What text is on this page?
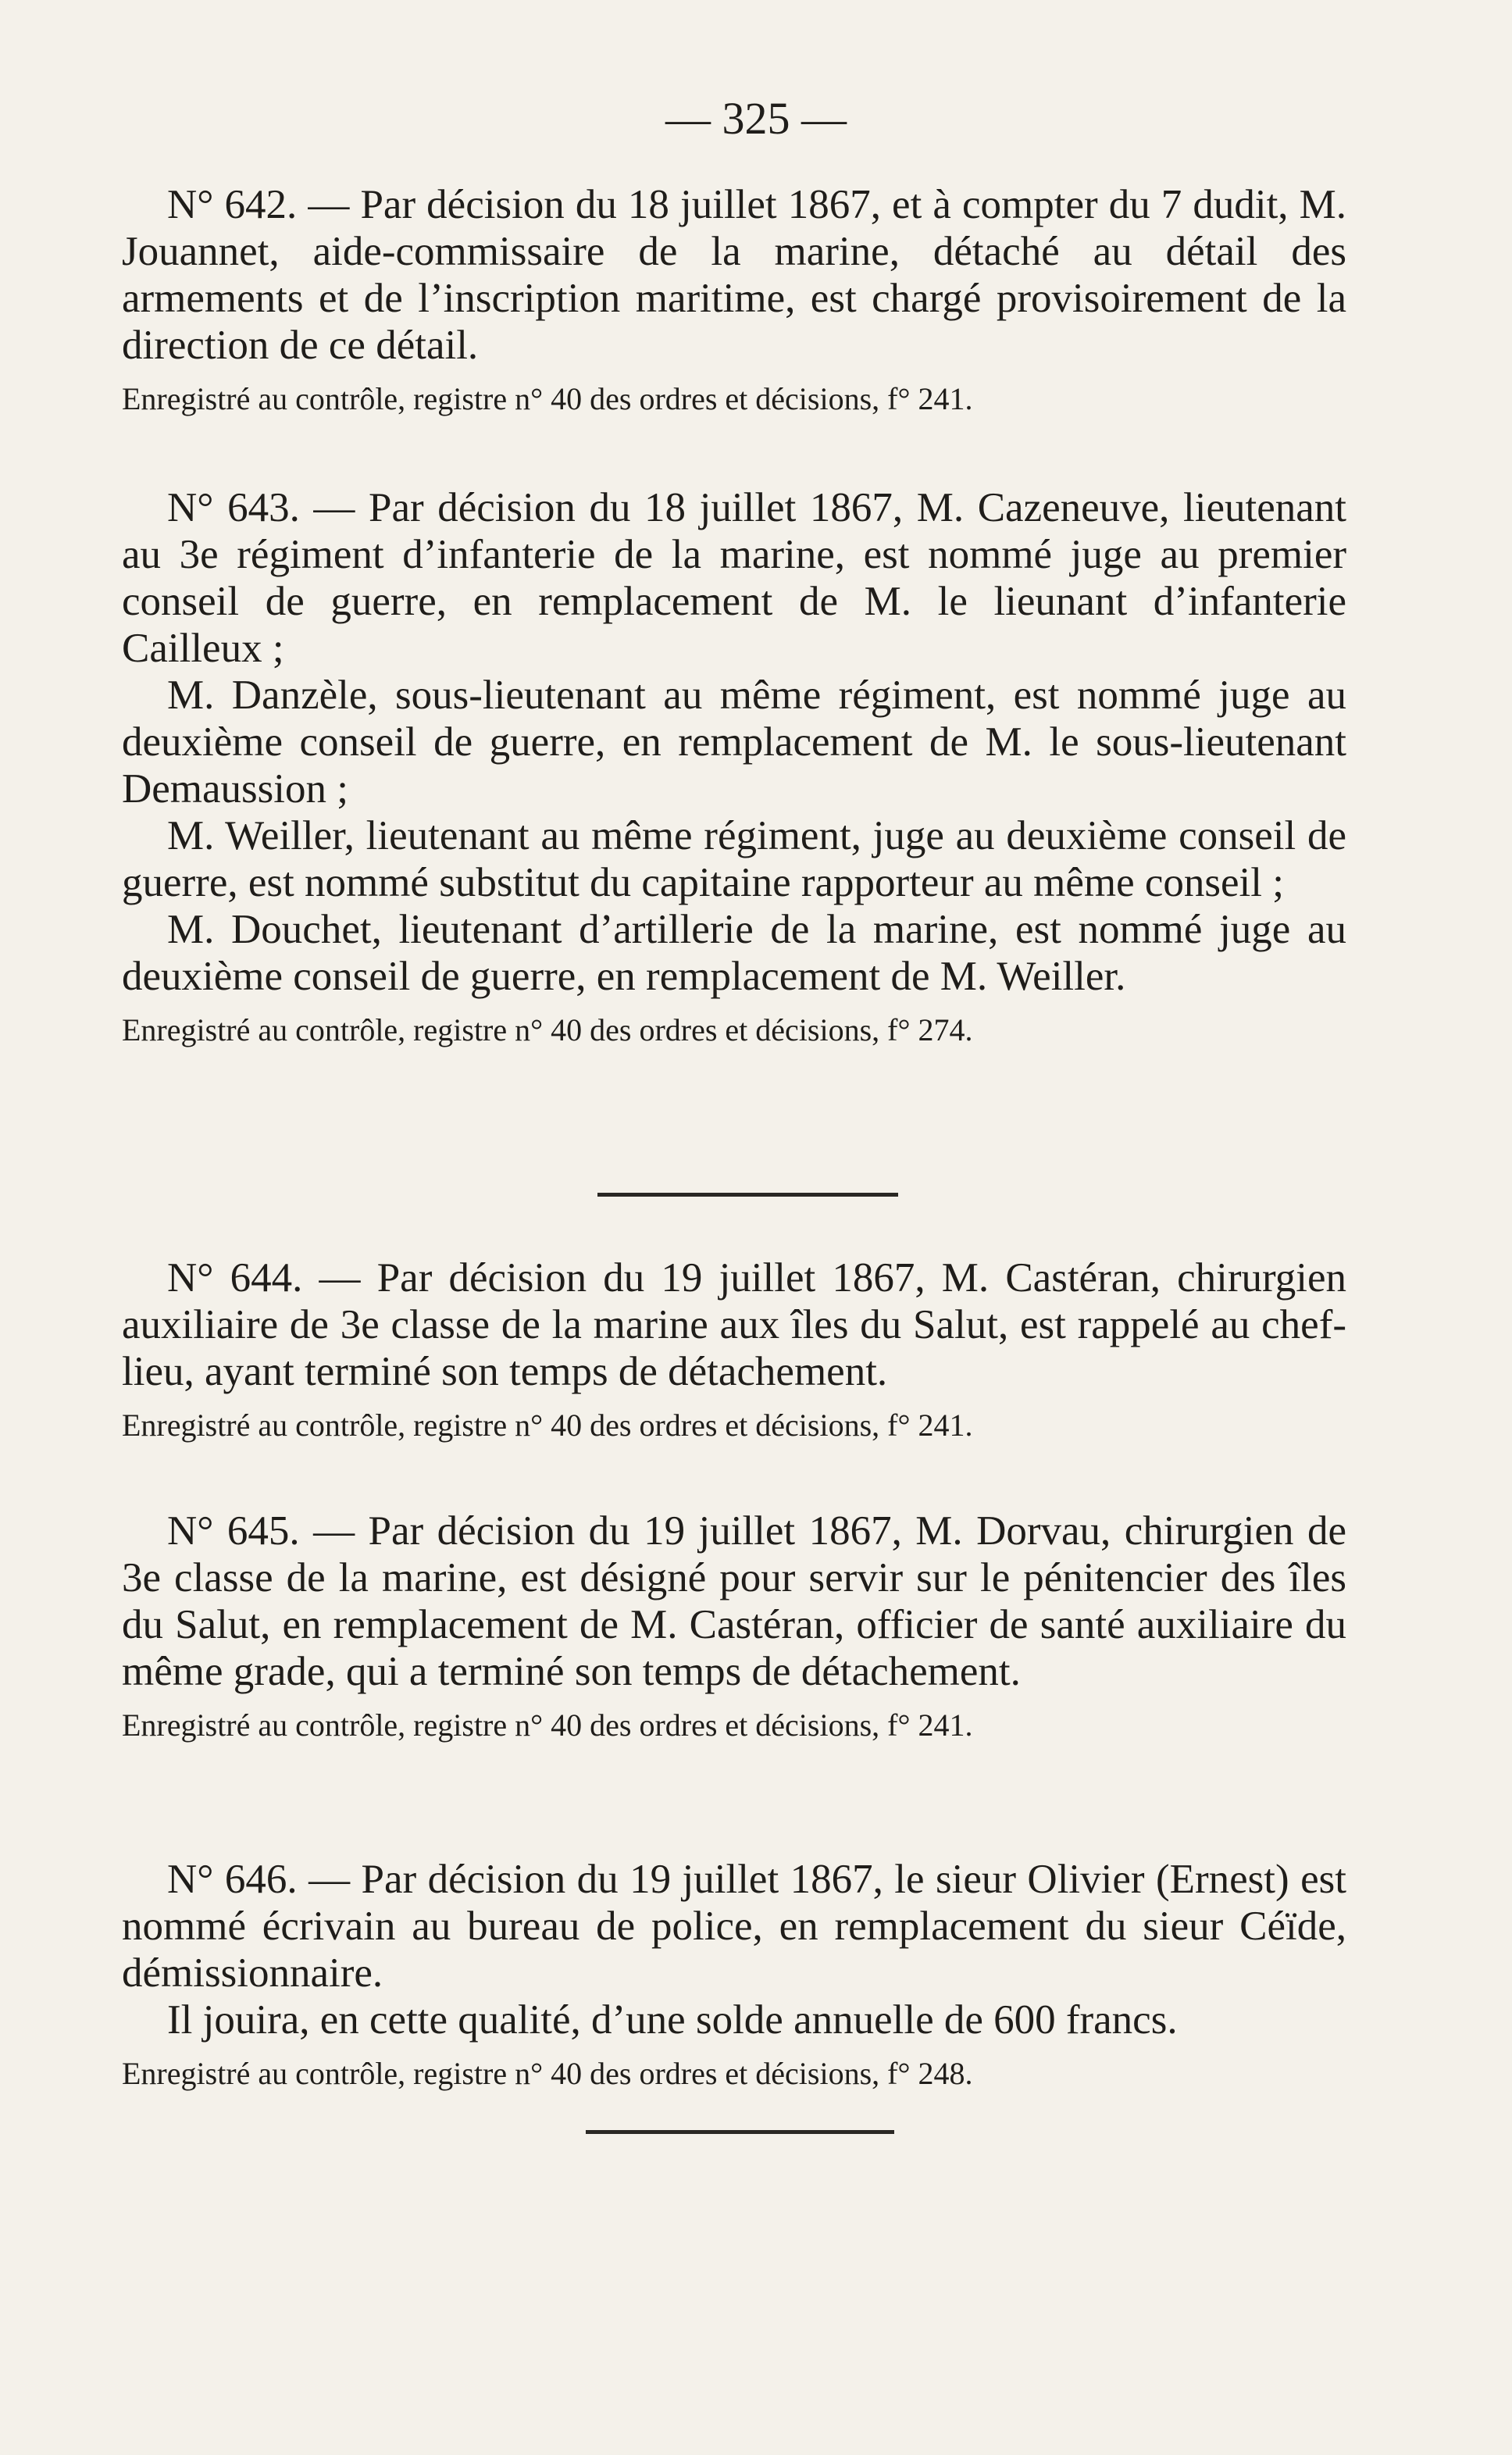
— 325 —

N° 642. — Par décision du 18 juillet 1867, et à compter du 7 dudit, M. Jouannet, aide-commissaire de la marine, détaché au détail des armements et de l’inscription maritime, est chargé provisoirement de la direction de ce détail.

Enregistré au contrôle, registre n° 40 des ordres et décisions, f° 241.

N° 643. — Par décision du 18 juillet 1867, M. Cazeneuve, lieutenant au 3e régiment d’infanterie de la marine, est nommé juge au premier conseil de guerre, en remplacement de M. le lieunant d’infanterie Cailleux ;

M. Danzèle, sous-lieutenant au même régiment, est nommé juge au deuxième conseil de guerre, en remplacement de M. le sous-lieutenant Demaussion ;

M. Weiller, lieutenant au même régiment, juge au deuxième conseil de guerre, est nommé substitut du capitaine rapporteur au même conseil ;

M. Douchet, lieutenant d’artillerie de la marine, est nommé juge au deuxième conseil de guerre, en remplacement de M. Weiller.

Enregistré au contrôle, registre n° 40 des ordres et décisions, f° 274.

N° 644. — Par décision du 19 juillet 1867, M. Castéran, chirurgien auxiliaire de 3e classe de la marine aux îles du Salut, est rappelé au chef-lieu, ayant terminé son temps de détachement.

Enregistré au contrôle, registre n° 40 des ordres et décisions, f° 241.

N° 645. — Par décision du 19 juillet 1867, M. Dorvau, chirurgien de 3e classe de la marine, est désigné pour servir sur le pénitencier des îles du Salut, en remplacement de M. Castéran, officier de santé auxiliaire du même grade, qui a terminé son temps de détachement.

Enregistré au contrôle, registre n° 40 des ordres et décisions, f° 241.

N° 646. — Par décision du 19 juillet 1867, le sieur Olivier (Ernest) est nommé écrivain au bureau de police, en remplacement du sieur Céïde, démissionnaire.

Il jouira, en cette qualité, d’une solde annuelle de 600 francs.

Enregistré au contrôle, registre n° 40 des ordres et décisions, f° 248.
